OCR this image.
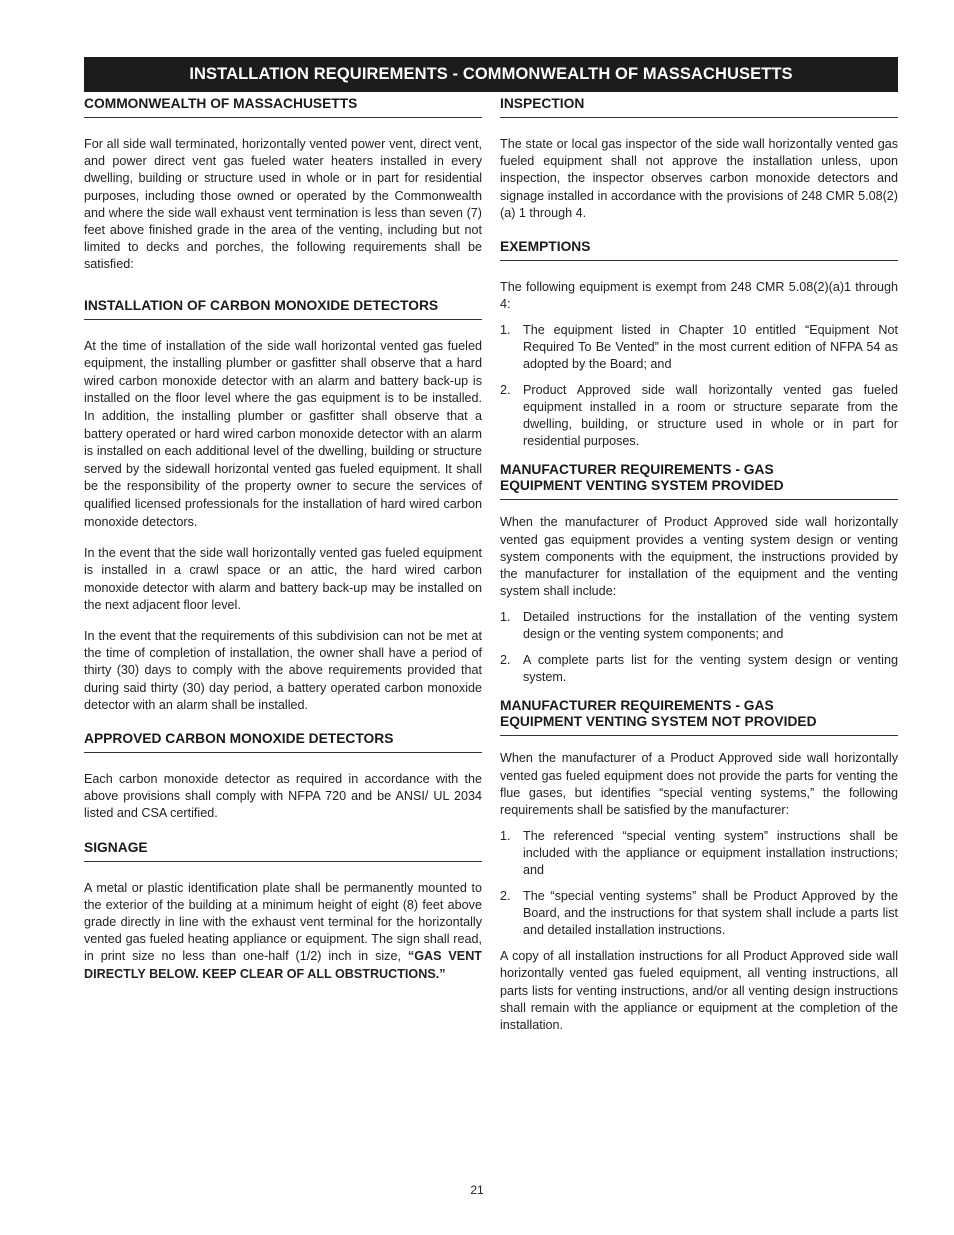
INSTALLATION REQUIREMENTS - COMMONWEALTH OF MASSACHUSETTS
COMMONWEALTH OF MASSACHUSETTS

For all side wall terminated, horizontally vented power vent, direct vent, and power direct vent gas fueled water heaters installed in every dwelling, building or structure used in whole or in part for residential purposes, including those owned or operated by the Commonwealth and where the side wall exhaust vent termination is less than seven (7) feet above finished grade in the area of the venting, including but not limited to decks and porches, the following requirements shall be satisfied:

INSTALLATION OF CARBON MONOXIDE DETECTORS

At the time of installation of the side wall horizontal vented gas fueled equipment, the installing plumber or gasfitter shall observe that a hard wired carbon monoxide detector with an alarm and battery back-up is installed on the floor level where the gas equipment is to be installed. In addition, the installing plumber or gasfitter shall observe that a battery operated or hard wired carbon monoxide detector with an alarm is installed on each additional level of the dwelling, building or structure served by the sidewall horizontal vented gas fueled equipment. It shall be the responsibility of the property owner to secure the services of qualified licensed professionals for the installation of hard wired carbon monoxide detectors.

In the event that the side wall horizontally vented gas fueled equipment is installed in a crawl space or an attic, the hard wired carbon monoxide detector with alarm and battery back-up may be installed on the next adjacent floor level.

In the event that the requirements of this subdivision can not be met at the time of completion of installation, the owner shall have a period of thirty (30) days to comply with the above requirements provided that during said thirty (30) day period, a battery operated carbon monoxide detector with an alarm shall be installed.

APPROVED CARBON MONOXIDE DETECTORS

Each carbon monoxide detector as required in accordance with the above provisions shall comply with NFPA 720 and be ANSI/ UL 2034 listed and CSA certified.

SIGNAGE

A metal or plastic identification plate shall be permanently mounted to the exterior of the building at a minimum height of eight (8) feet above grade directly in line with the exhaust vent terminal for the horizontally vented gas fueled heating appliance or equipment. The sign shall read, in print size no less than one-half (1/2) inch in size, “GAS VENT DIRECTLY BELOW. KEEP CLEAR OF ALL OBSTRUCTIONS.”

INSPECTION

The state or local gas inspector of the side wall horizontally vented gas fueled equipment shall not approve the installation unless, upon inspection, the inspector observes carbon monoxide detectors and signage installed in accordance with the provisions of 248 CMR 5.08(2)(a) 1 through 4.

EXEMPTIONS

The following equipment is exempt from 248 CMR 5.08(2)(a)1 through 4:

1. The equipment listed in Chapter 10 entitled “Equipment Not Required To Be Vented” in the most current edition of NFPA 54 as adopted by the Board; and
2. Product Approved side wall horizontally vented gas fueled equipment installed in a room or structure separate from the dwelling, building, or structure used in whole or in part for residential purposes.
MANUFACTURER REQUIREMENTS - GAS
EQUIPMENT VENTING SYSTEM PROVIDED

When the manufacturer of Product Approved side wall horizontally vented gas equipment provides a venting system design or venting system components with the equipment, the instructions provided by the manufacturer for installation of the equipment and the venting system shall include:

1. Detailed instructions for the installation of the venting system design or the venting system components; and
2. A complete parts list for the venting system design or venting system.
MANUFACTURER REQUIREMENTS - GAS
EQUIPMENT VENTING SYSTEM NOT PROVIDED

When the manufacturer of a Product Approved side wall horizontally vented gas fueled equipment does not provide the parts for venting the flue gases, but identifies “special venting systems,” the following requirements shall be satisfied by the manufacturer:

1. The referenced “special venting system” instructions shall be included with the appliance or equipment installation instructions; and
2. The “special venting systems” shall be Product Approved by the Board, and the instructions for that system shall include a parts list and detailed installation instructions.

A copy of all installation instructions for all Product Approved side wall horizontally vented gas fueled equipment, all venting instructions, all parts lists for venting instructions, and/or all venting design instructions shall remain with the appliance or equipment at the completion of the installation.

21
